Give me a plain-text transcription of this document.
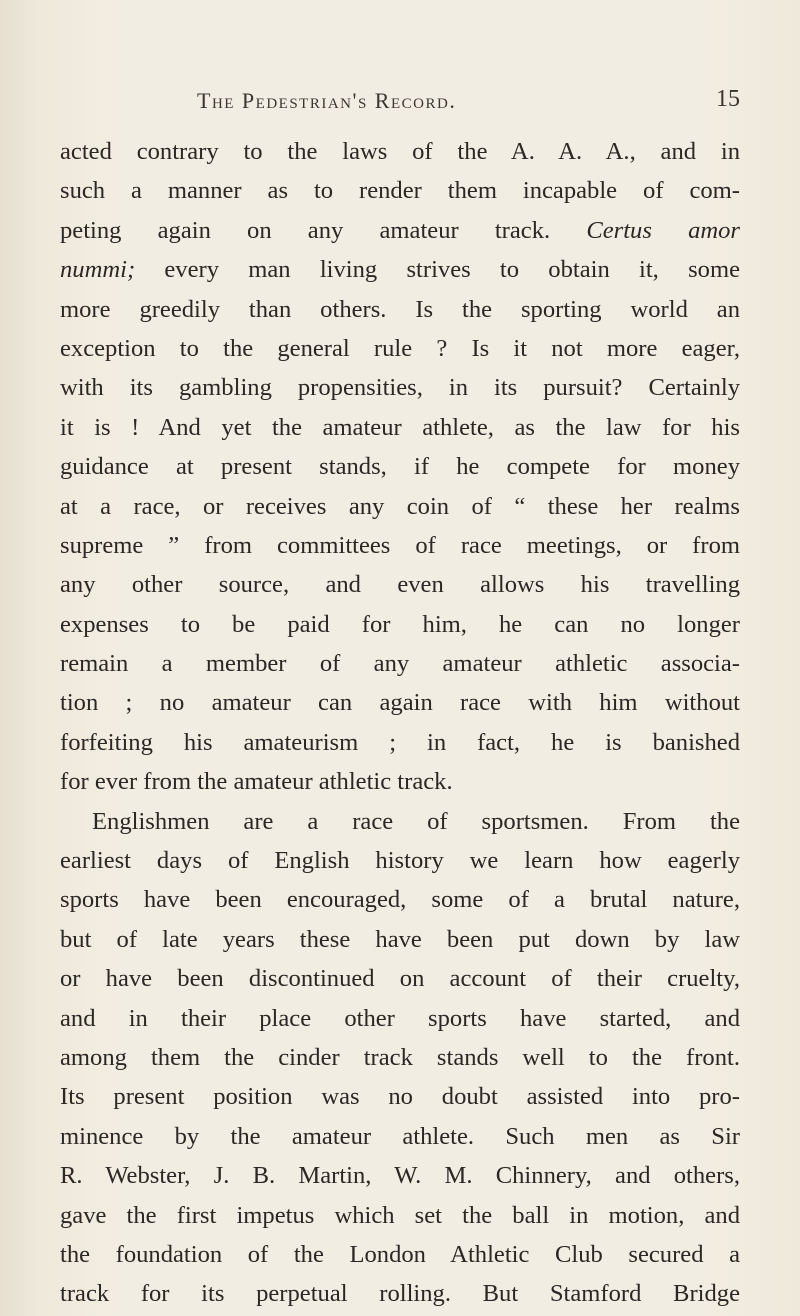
The Pedestrian's Record.	15
acted contrary to the laws of the A. A. A., and in
such a manner as to render them incapable of com-
peting again on any amateur track. Certus amor
nummi; every man living strives to obtain it, some
more greedily than others. Is the sporting world an
exception to the general rule ? Is it not more eager,
with its gambling propensities, in its pursuit? Certainly
it is ! And yet the amateur athlete, as the law for his
guidance at present stands, if he compete for money
at a race, or receives any coin of “ these her realms
supreme ” from committees of race meetings, or from
any other source, and even allows his travelling
expenses to be paid for him, he can no longer
remain a member of any amateur athletic associa-
tion ; no amateur can again race with him without
forfeiting his amateurism ; in fact, he is banished
for ever from the amateur athletic track.
Englishmen are a race of sportsmen. From the
earliest days of English history we learn how eagerly
sports have been encouraged, some of a brutal nature,
but of late years these have been put down by law
or have been discontinued on account of their cruelty,
and in their place other sports have started, and
among them the cinder track stands well to the front.
Its present position was no doubt assisted into pro-
minence by the amateur athlete. Such men as Sir
R. Webster, J. B. Martin, W. M. Chinnery, and others,
gave the first impetus which set the ball in motion, and
the foundation of the London Athletic Club secured a
track for its perpetual rolling. But Stamford Bridge
